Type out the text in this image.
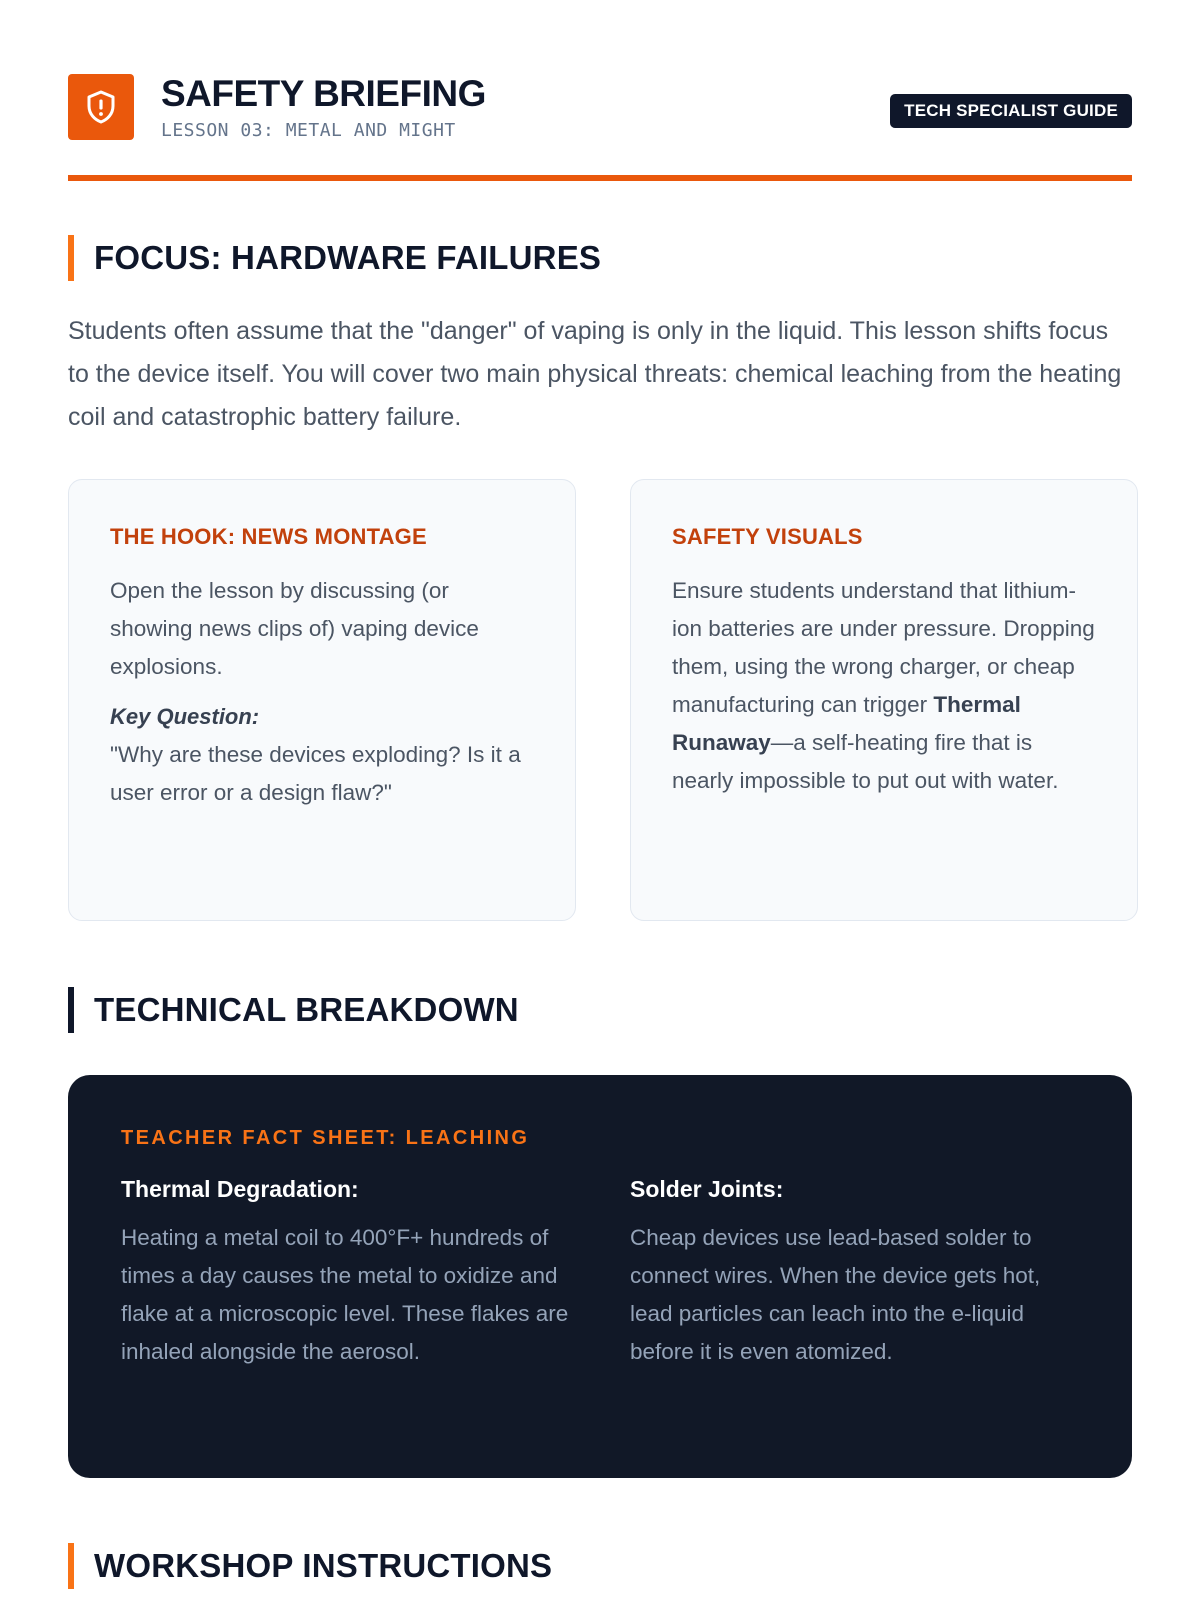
SAFETY BRIEFING
LESSON 03: METAL AND MIGHT
TECH SPECIALIST GUIDE
FOCUS: HARDWARE FAILURES

Students often assume that the "danger" of vaping is only in the liquid. This lesson shifts focus to the device itself. You will cover two main physical threats: chemical leaching from the heating coil and catastrophic battery failure.

THE HOOK: NEWS MONTAGE
Open the lesson by discussing (or showing news clips of) vaping device explosions.
Key Question:
"Why are these devices exploding? Is it a user error or a design flaw?"
SAFETY VISUALS
Ensure students understand that lithium-ion batteries are under pressure. Dropping them, using the wrong charger, or cheap manufacturing can trigger Thermal Runaway—a self-heating fire that is nearly impossible to put out with water.
TECHNICAL BREAKDOWN
TEACHER FACT SHEET: LEACHING
Thermal Degradation:
Heating a metal coil to 400°F+ hundreds of times a day causes the metal to oxidize and flake at a microscopic level. These flakes are inhaled alongside the aerosol.
Solder Joints:
Cheap devices use lead-based solder to connect wires. When the device gets hot, lead particles can leach into the e-liquid before it is even atomized.
WORKSHOP INSTRUCTIONS
